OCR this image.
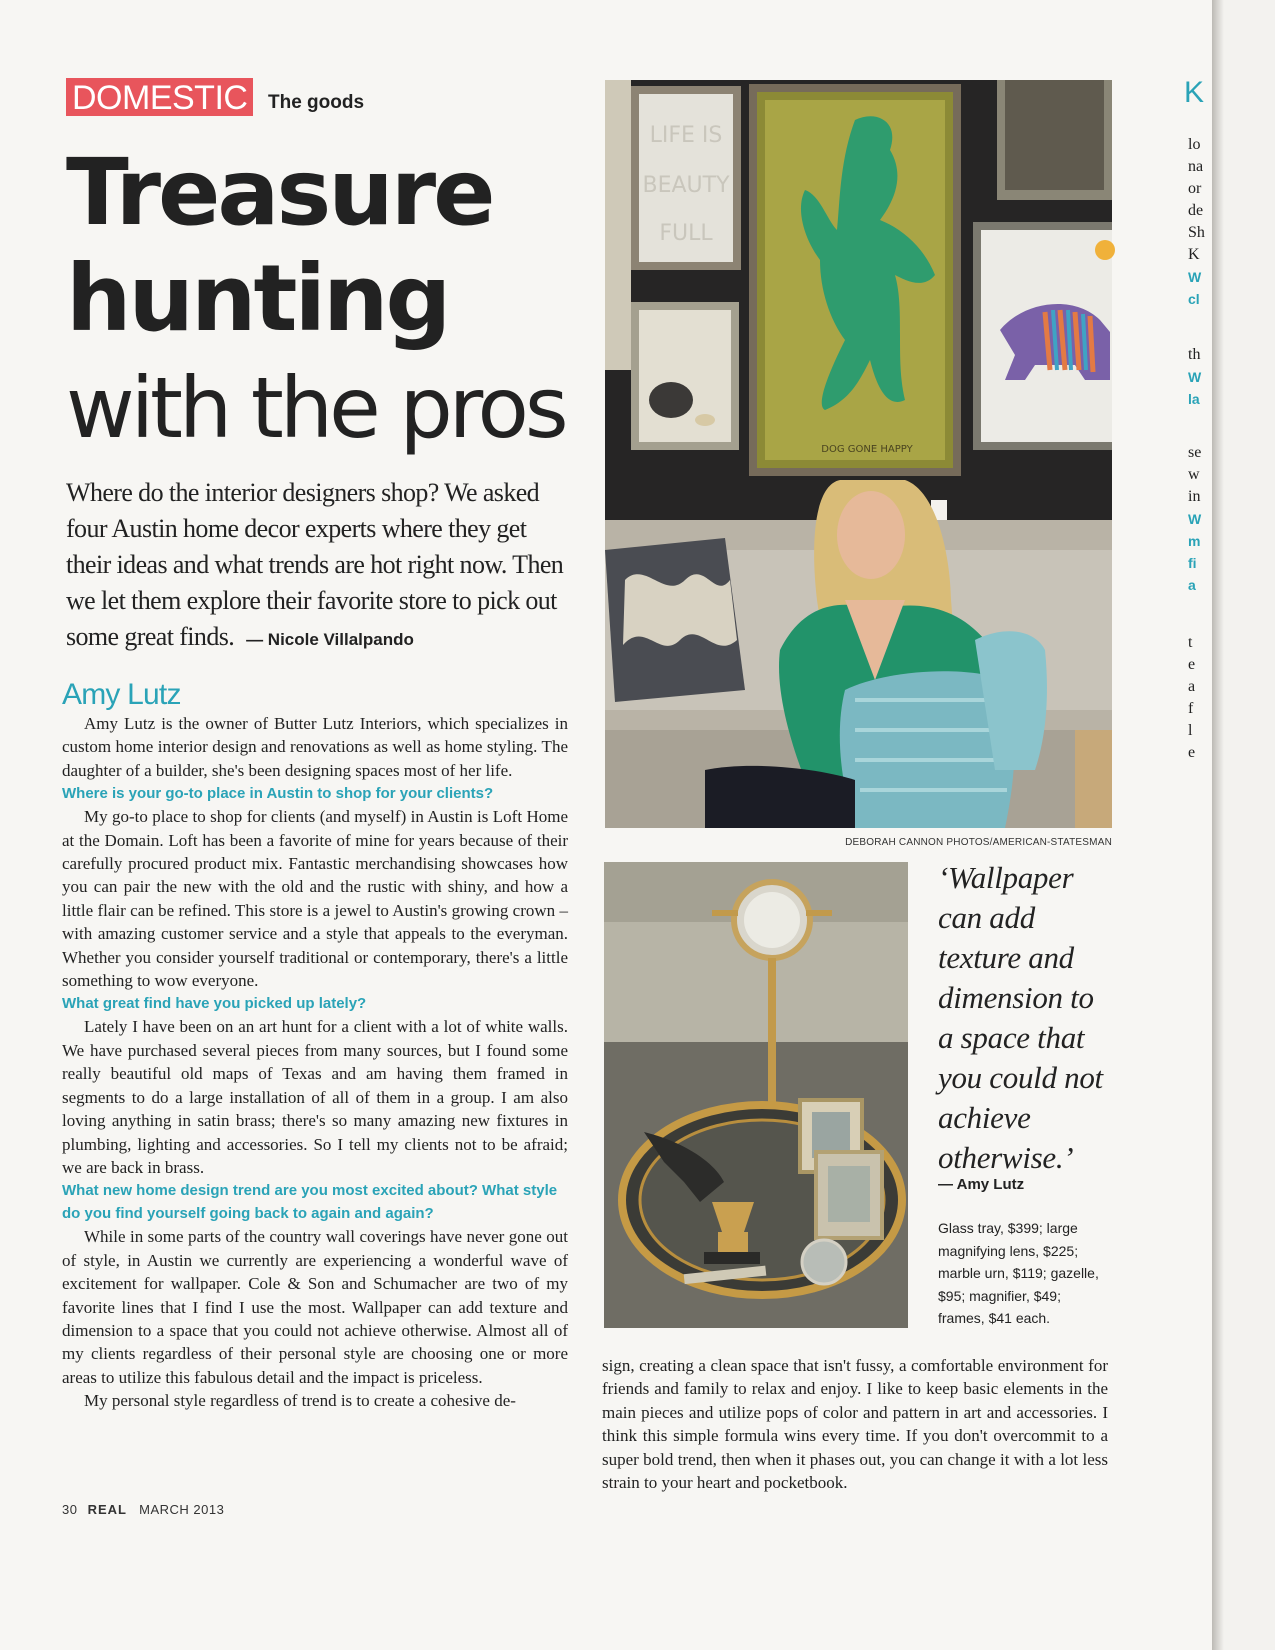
DOMESTIC	The goods
Treasure
hunting
with the pros
Where do the interior designers shop? We asked four Austin home decor experts where they get their ideas and what trends are hot right now. Then we let them explore their favorite store to pick out some great finds. — Nicole Villalpando
Amy Lutz

Amy Lutz is the owner of Butter Lutz Interiors, which specializes in custom home interior design and renovations as well as home styling. The daughter of a builder, she's been designing spaces most of her life.

Where is your go-to place in Austin to shop for your clients?

My go-to place to shop for clients (and myself) in Austin is Loft Home at the Domain. Loft has been a favorite of mine for years because of their carefully procured product mix. Fantastic merchandising showcases how you can pair the new with the old and the rustic with shiny, and how a little flair can be refined. This store is a jewel to Austin's growing crown – with amazing customer service and a style that appeals to the everyman. Whether you consider yourself traditional or contemporary, there's a little something to wow everyone.

What great find have you picked up lately?

Lately I have been on an art hunt for a client with a lot of white walls. We have purchased several pieces from many sources, but I found some really beautiful old maps of Texas and am having them framed in segments to do a large installation of all of them in a group. I am also loving anything in satin brass; there's so many amazing new fixtures in plumbing, lighting and accessories. So I tell my clients not to be afraid; we are back in brass.

What new home design trend are you most excited about? What style do you find yourself going back to again and again?

While in some parts of the country wall coverings have never gone out of style, in Austin we currently are experiencing a wonderful wave of excitement for wallpaper. Cole & Son and Schumacher are two of my favorite lines that I find I use the most. Wallpaper can add texture and dimension to a space that you could not achieve otherwise. Almost all of my clients regardless of their personal style are choosing one or more areas to utilize this fabulous detail and the impact is priceless.

My personal style regardless of trend is to create a cohesive de-

LIFE IS
BEAUTY
FULL
DOG GONE HAPPY
DEBORAH CANNON PHOTOS/AMERICAN-STATESMAN
‘Wallpaper can add texture and dimension to a space that you could not achieve otherwise.’
— Amy Lutz
Glass tray, $399; large magnifying lens, $225; marble urn, $119; gazelle, $95; magnifier, $49; frames, $41 each.

sign, creating a clean space that isn't fussy, a comfortable environment for friends and family to relax and enjoy. I like to keep basic elements in the main pieces and utilize pops of color and pattern in art and accessories. I think this simple formula wins every time. If you don't overcommit to a super bold trend, then when it phases out, you can change it with a lot less strain to your heart and pocketbook.

30 REAL MARCH 2013
K
lo
na
or
de
Sh
K
W
cl
th
W
la
se
w
in
W
m
fi
a
t
e
a
f
l
e
